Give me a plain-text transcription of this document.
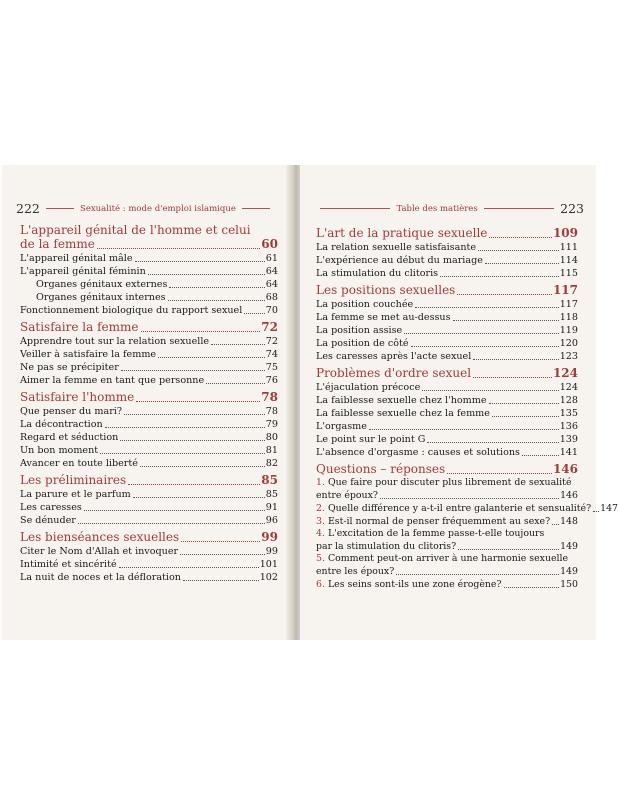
222	Sexualité : mode d'emploi islamique
L'appareil génital de l'homme et celui
de la femme	60
L'appareil génital mâle	61
L'appareil génital féminin	64
Organes génitaux externes	64
Organes génitaux internes	68
Fonctionnement biologique du rapport sexuel 70
Satisfaire la femme	72
Apprendre tout sur la relation sexuelle	72
Veiller à satisfaire la femme	74
Ne pas se précipiter	75
Aimer la femme en tant que personne	76
Satisfaire l'homme	78
Que penser du mari?	78
La décontraction	79
Regard et séduction	80
Un bon moment	81
Avancer en toute liberté	82
Les préliminaires	85
La parure et le parfum	85
Les caresses	91
Se dénuder	96
Les bienséances sexuelles	99
Citer le Nom d'Allah et invoquer	99
Intimité et sincérité	101
La nuit de noces et la défloration	102
Table des matières	223
L'art de la pratique sexuelle	109
La relation sexuelle satisfaisante	111
L'expérience au début du mariage	114
La stimulation du clitoris	115
Les positions sexuelles	117
La position couchée	117
La femme se met au-dessus	118
La position assise	119
La position de côté	120
Les caresses après l'acte sexuel	123
Problèmes d'ordre sexuel	124
L'éjaculation précoce	124
La faiblesse sexuelle chez l'homme	128
La faiblesse sexuelle chez la femme	135
L'orgasme	136
Le point sur le point G	139
L'absence d'orgasme : causes et solutions	141
Questions – réponses	146
1. Que faire pour discuter plus librement de sexualité
entre époux?	146
2. Quelle différence y a-t-il entre galanterie et sensualité? 147
3. Est-il normal de penser fréquemment au sexe? 148
4. L'excitation de la femme passe-t-elle toujours
par la stimulation du clitoris?	149
5. Comment peut-on arriver à une harmonie sexuelle
entre les époux?	149
6. Les seins sont-ils une zone érogène?	150
